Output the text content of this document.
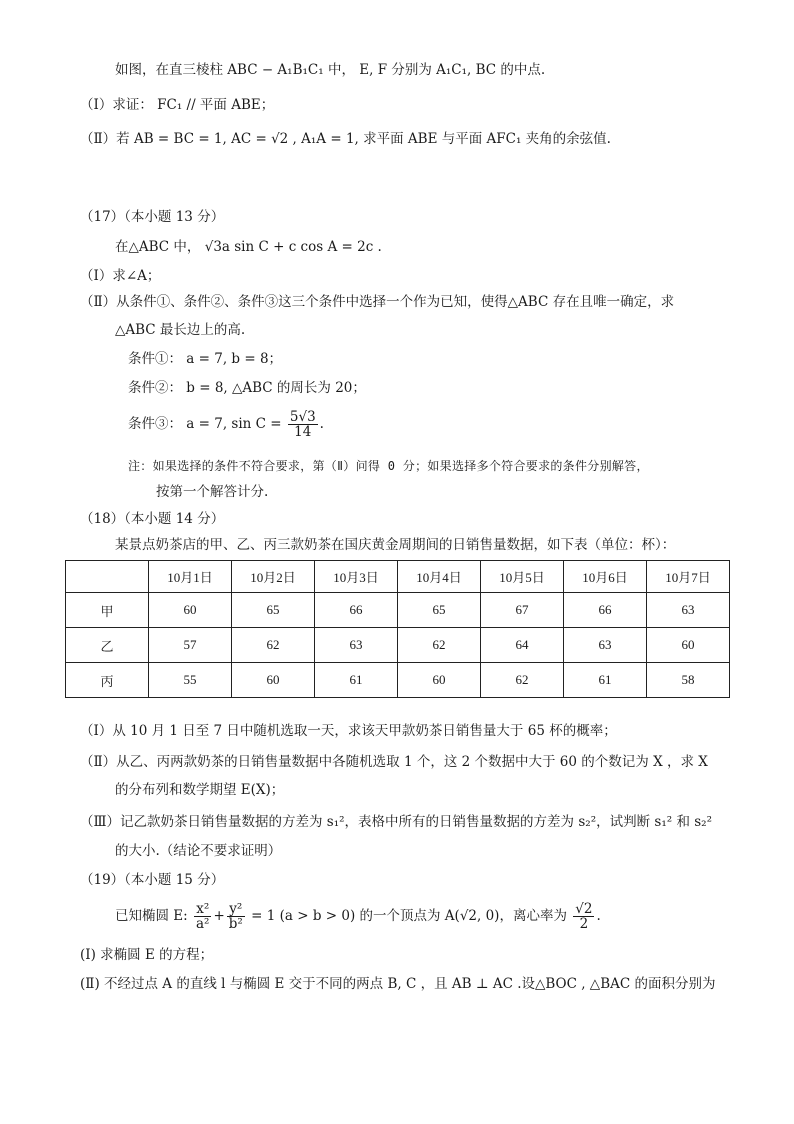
如图，在直三棱柱 ABC − A₁B₁C₁ 中， E, F 分别为 A₁C₁, BC 的中点.
（Ⅰ）求证： FC₁ // 平面 ABE；
（Ⅱ）若 AB = BC = 1, AC = √2 , A₁A = 1, 求平面 ABE 与平面 AFC₁ 夹角的余弦值.
（17）（本小题 13 分）
在△ABC 中， √3a sin C + c cos A = 2c .
（Ⅰ）求∠A；
（Ⅱ）从条件①、条件②、条件③这三个条件中选择一个作为已知，使得△ABC 存在且唯一确定，求
△ABC 最长边上的高.
条件①： a = 7, b = 8；
条件②： b = 8, △ABC 的周长为 20；
条件③： a = 7, $\sin C = \frac{5√3}{14}$ .
注：如果选择的条件不符合要求，第（Ⅱ）问得 0 分；如果选择多个符合要求的条件分别解答，
按第一个解答计分.
（18）（本小题 14 分）
某景点奶茶店的甲、乙、丙三款奶茶在国庆黄金周期间的日销售量数据，如下表（单位：杯）：
	10月1日	10月2日	10月3日	10月4日	10月5日	10月6日	10月7日
甲	60	65	66	65	67	66	63
乙	57	62	63	62	64	63	60
丙	55	60	61	60	62	61	58
（Ⅰ）从 10 月 1 日至 7 日中随机选取一天，求该天甲款奶茶日销售量大于 65 杯的概率；
（Ⅱ）从乙、丙两款奶茶的日销售量数据中各随机选取 1 个，这 2 个数据中大于 60 的个数记为 X ，求 X
的分布列和数学期望 E(X)；
（Ⅲ）记乙款奶茶日销售量数据的方差为 s₁²，表格中所有的日销售量数据的方差为 s₂²，试判断 s₁² 和 s₂²
的大小.（结论不要求证明）
（19）（本小题 15 分）
已知椭圆 E: $\frac{\text{x²}}{\text{a²}} + \frac{\text{y²}}{\text{b²}} = 1$ (a > b > 0) 的一个顶点为 A(√2, 0)，离心率为 $\frac{√2}{2}$ .
(Ⅰ) 求椭圆 E 的方程；
(Ⅱ) 不经过点 A 的直线 l 与椭圆 E 交于不同的两点 B, C ，且 AB ⊥ AC .设△BOC , △BAC 的面积分别为
